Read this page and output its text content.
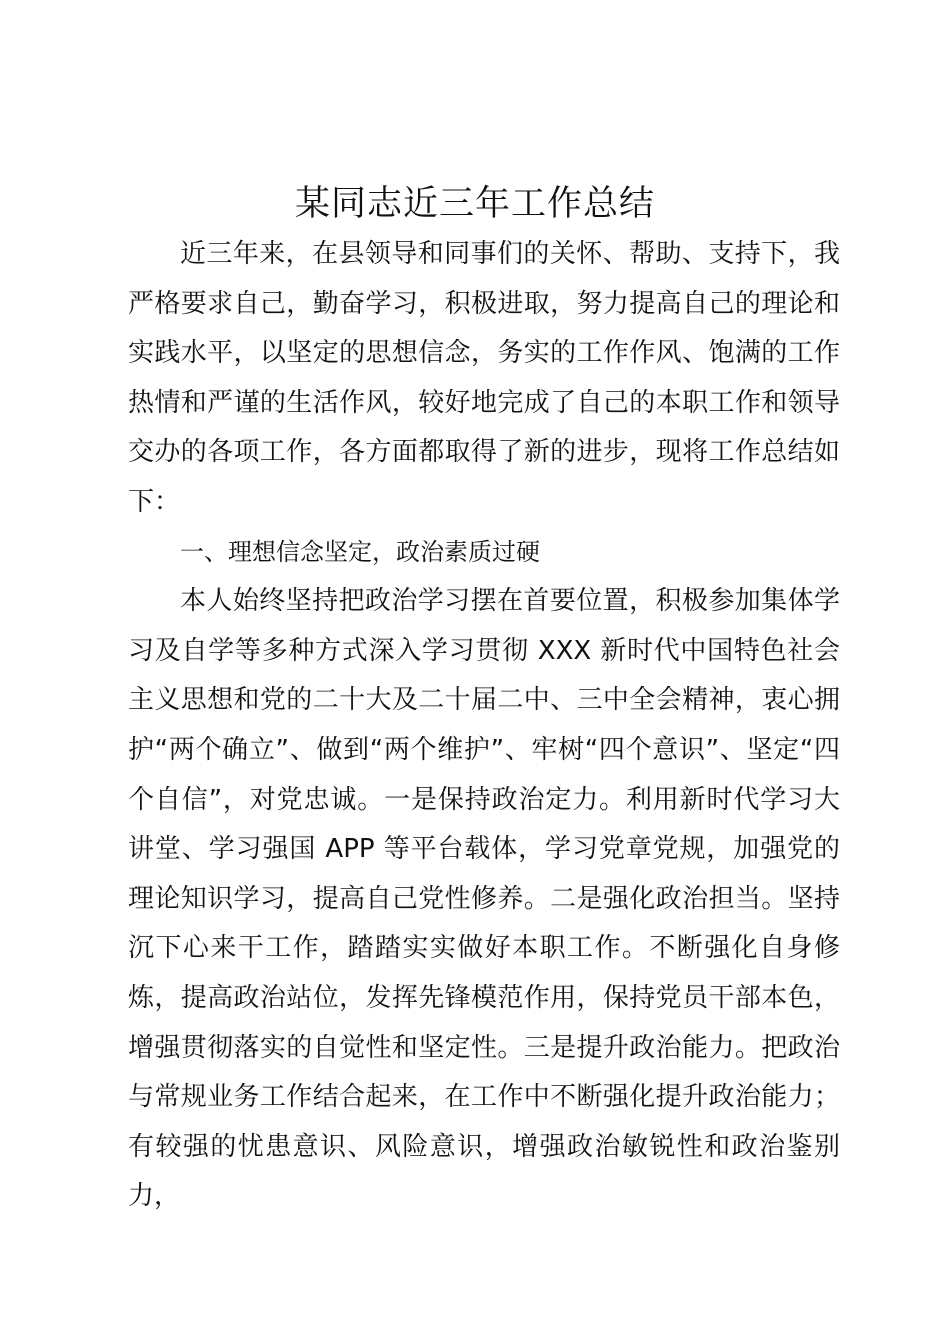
某同志近三年工作总结

近三年来，在县领导和同事们的关怀、帮助、支持下，我严格要求自己，勤奋学习，积极进取，努力提高自己的理论和实践水平，以坚定的思想信念，务实的工作作风、饱满的工作热情和严谨的生活作风，较好地完成了自己的本职工作和领导交办的各项工作，各方面都取得了新的进步，现将工作总结如下：

一、理想信念坚定，政治素质过硬

本人始终坚持把政治学习摆在首要位置，积极参加集体学习及自学等多种方式深入学习贯彻 XXX 新时代中国特色社会主义思想和党的二十大及二十届二中、三中全会精神，衷心拥护“两个确立”、做到“两个维护”、牢树“四个意识”、坚定“四个自信”，对党忠诚。一是保持政治定力。利用新时代学习大讲堂、学习强国 APP 等平台载体，学习党章党规，加强党的理论知识学习，提高自己党性修养。二是强化政治担当。坚持沉下心来干工作，踏踏实实做好本职工作。不断强化自身修炼，提高政治站位，发挥先锋模范作用，保持党员干部本色，增强贯彻落实的自觉性和坚定性。三是提升政治能力。把政治与常规业务工作结合起来，在工作中不断强化提升政治能力；有较强的忧患意识、风险意识，增强政治敏锐性和政治鉴别力，
